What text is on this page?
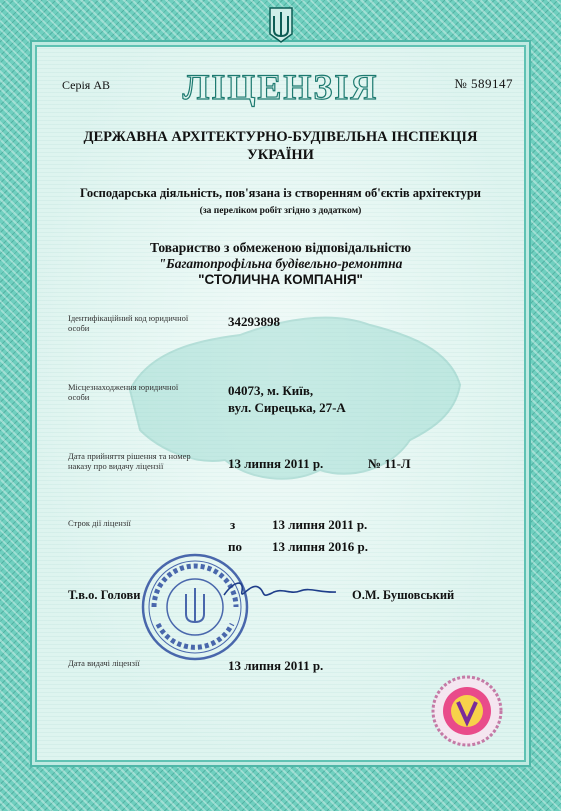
Серія АВ	ЛІЦЕНЗІЯ	№ 589147
ДЕРЖАВНА АРХІТЕКТУРНО-БУДІВЕЛЬНА ІНСПЕКЦІЯ
УКРАЇНИ
Господарська діяльність, пов'язана із створенням об'єктів архітектури
(за переліком робіт згідно з додатком)
Товариство з обмеженою відповідальністю
"Багатопрофільна будівельно-ремонтна
"СТОЛИЧНА КОМПАНІЯ"
Ідентифікаційний код юридичної особи	34293898
Місцезнаходження юридичної особи	04073, м. Київ,
вул. Сирецька, 27-А
Дата прийняття рішення та номер наказу про видачу ліцензії	13 липня 2011 р.	№ 11-Л
Строк дії ліцензії	з	13 липня 2011 р.
по 13 липня 2016 р.
Т.в.о. Голови	О.М. Бушовський
Дата видачі ліцензії	13 липня 2011 р.
